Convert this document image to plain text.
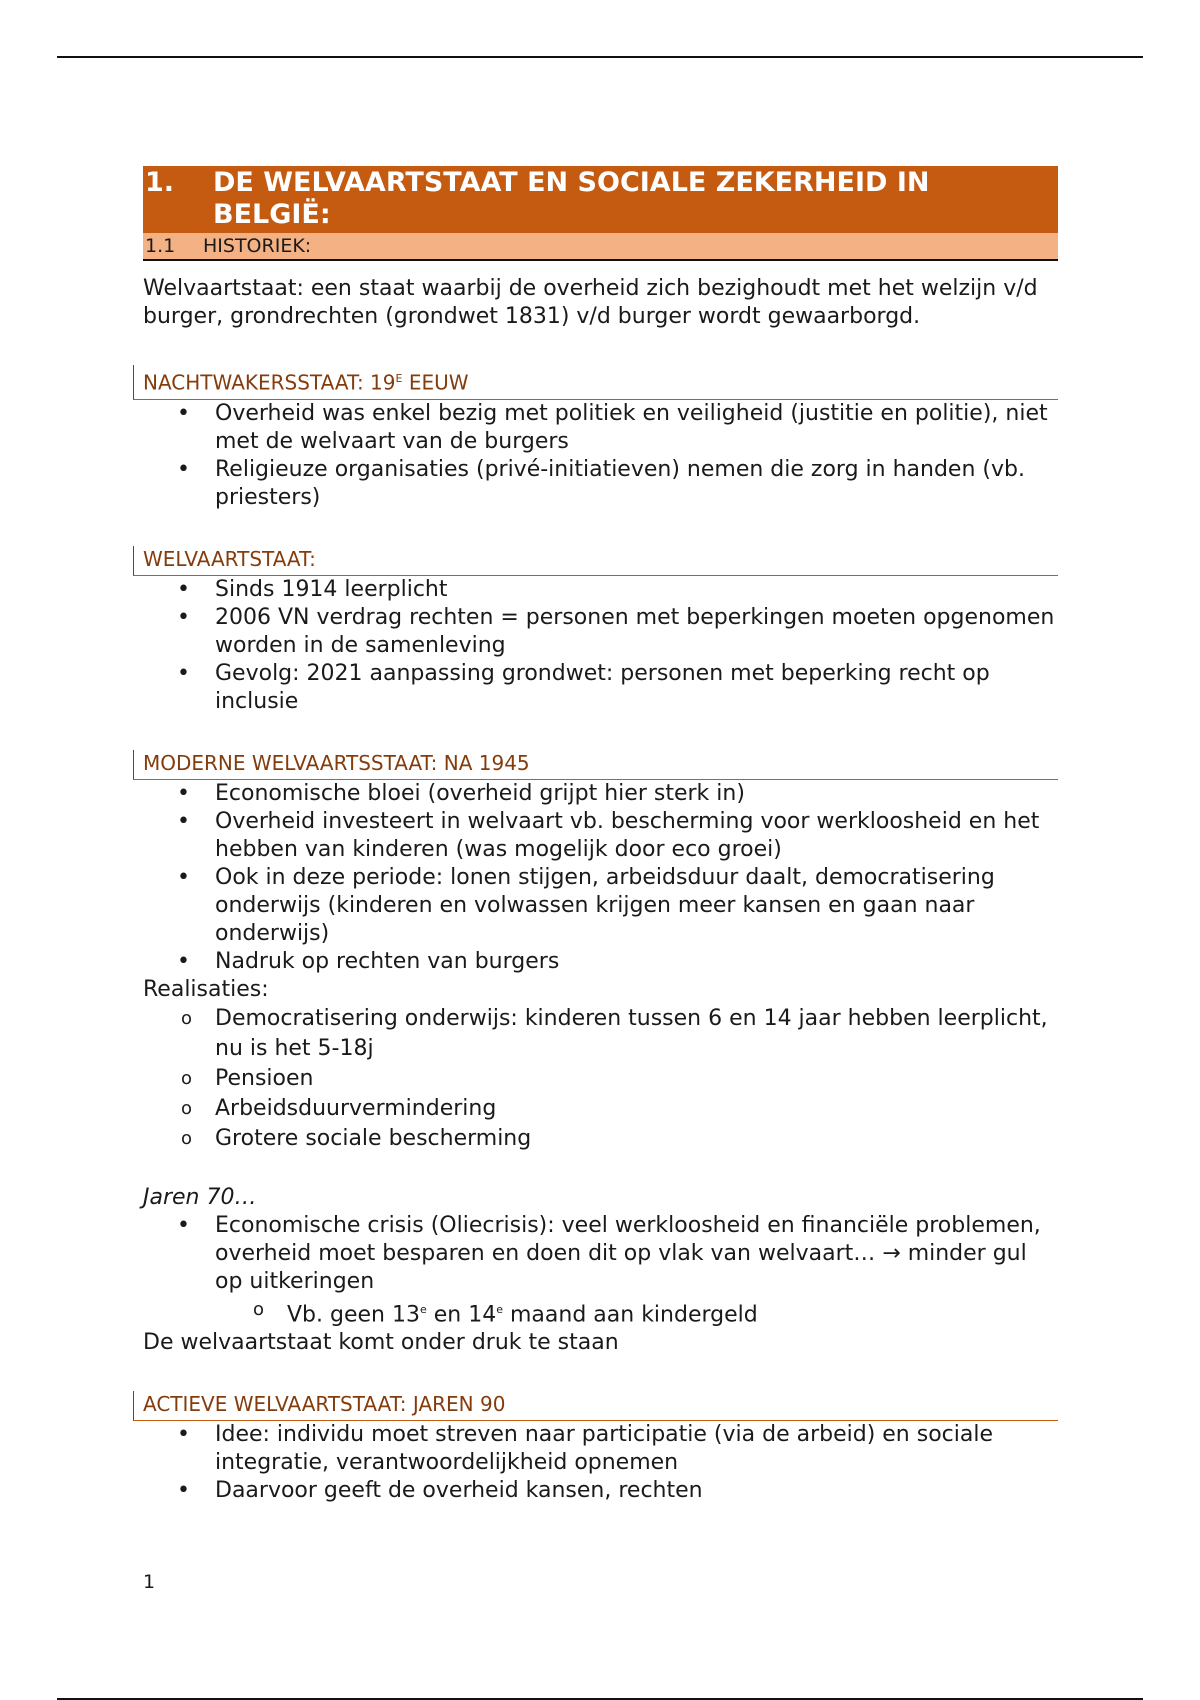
1.	DE WELVAARTSTAAT EN SOCIALE ZEKERHEID IN BELGIË:
1.1	HISTORIEK:

Welvaartstaat: een staat waarbij de overheid zich bezighoudt met het welzijn v/d burger, grondrechten (grondwet 1831) v/d burger wordt gewaarborgd.

NACHTWAKERSSTAAT: $19^E$ EEUW
• Overheid was enkel bezig met politiek en veiligheid (justitie en politie), niet met de welvaart van de burgers
• Religieuze organisaties (privé-initiatieven) nemen die zorg in handen (vb. priesters)
WELVAARTSTAAT:
• Sinds 1914 leerplicht
• 2006 VN verdrag rechten = personen met beperkingen moeten opgenomen worden in de samenleving
• Gevolg: 2021 aanpassing grondwet: personen met beperking recht op inclusie
MODERNE WELVAARTSSTAAT: NA 1945
• Economische bloei (overheid grijpt hier sterk in)
• Overheid investeert in welvaart vb. bescherming voor werkloosheid en het hebben van kinderen (was mogelijk door eco groei)
• Ook in deze periode: lonen stijgen, arbeidsduur daalt, democratisering onderwijs (kinderen en volwassen krijgen meer kansen en gaan naar onderwijs)
• Nadruk op rechten van burgers

Realisaties:

o Democratisering onderwijs: kinderen tussen 6 en 14 jaar hebben leerplicht, nu is het 5-18j
o Pensioen
o Arbeidsduurvermindering
o Grotere sociale bescherming

Jaren 70…

• Economische crisis (Oliecrisis): veel werkloosheid en financiële problemen, overheid moet besparen en doen dit op vlak van welvaart… → minder gul op uitkeringen
o Vb. geen 13e en 14e maand aan kindergeld

De welvaartstaat komt onder druk te staan

ACTIEVE WELVAARTSTAAT: JAREN 90
• Idee: individu moet streven naar participatie (via de arbeid) en sociale integratie, verantwoordelijkheid opnemen
• Daarvoor geeft de overheid kansen, rechten
1
